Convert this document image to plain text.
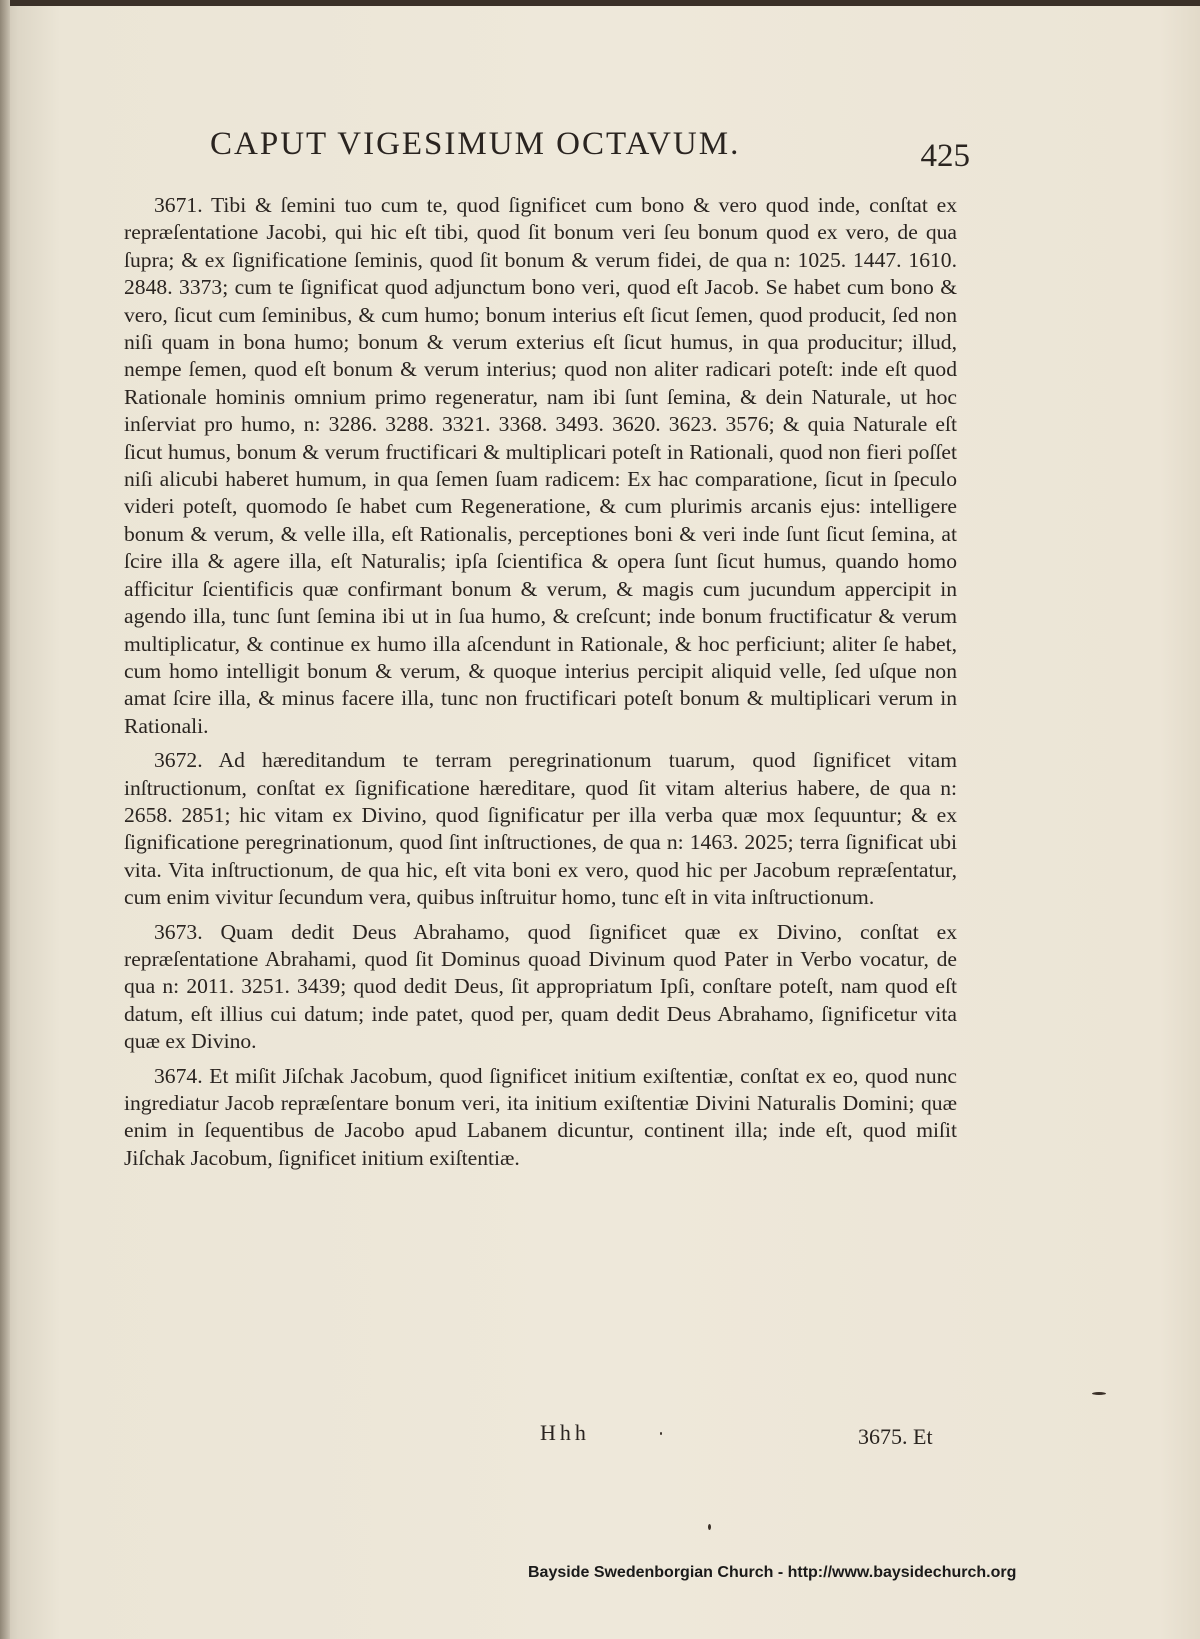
CAPUT VIGESIMUM OCTAVUM.	425

3671. Tibi & ſemini tuo cum te, quod ſignificet cum bono & vero quod inde, conſtat ex repræſentatione Jacobi, qui hic eſt tibi, quod ſit bonum veri ſeu bonum quod ex vero, de qua ſupra; & ex ſignificatione ſeminis, quod ſit bonum & verum fidei, de qua n: 1025. 1447. 1610. 2848. 3373; cum te ſignificat quod adjunctum bono veri, quod eſt Jacob. Se habet cum bono & vero, ſicut cum ſeminibus, & cum humo; bonum interius eſt ſicut ſemen, quod producit, ſed non niſi quam in bona humo; bonum & verum exterius eſt ſicut humus, in qua producitur; illud, nempe ſemen, quod eſt bonum & verum interius; quod non aliter radicari poteſt: inde eſt quod Rationale hominis omnium primo regeneratur, nam ibi ſunt ſemina, & dein Naturale, ut hoc inſerviat pro humo, n: 3286. 3288. 3321. 3368. 3493. 3620. 3623. 3576; & quia Naturale eſt ſicut humus, bonum & verum fructificari & multiplicari poteſt in Rationali, quod non fieri poſſet niſi alicubi haberet humum, in qua ſemen ſuam radicem: Ex hac comparatione, ſicut in ſpeculo videri poteſt, quomodo ſe habet cum Regeneratione, & cum plurimis arcanis ejus: intelligere bonum & verum, & velle illa, eſt Rationalis, perceptiones boni & veri inde ſunt ſicut ſemina, at ſcire illa & agere illa, eſt Naturalis; ipſa ſcientifica & opera ſunt ſicut humus, quando homo afficitur ſcientificis quæ confirmant bonum & verum, & magis cum jucundum appercipit in agendo illa, tunc ſunt ſemina ibi ut in ſua humo, & creſcunt; inde bonum fructificatur & verum multiplicatur, & continue ex humo illa aſcendunt in Rationale, & hoc perficiunt; aliter ſe habet, cum homo intelligit bonum & verum, & quoque interius percipit aliquid velle, ſed uſque non amat ſcire illa, & minus facere illa, tunc non fructificari poteſt bonum & multiplicari verum in Rationali.

3672. Ad hæreditandum te terram peregrinationum tuarum, quod ſignificet vitam inſtructionum, conſtat ex ſignificatione hæreditare, quod ſit vitam alterius habere, de qua n: 2658. 2851; hic vitam ex Divino, quod ſignificatur per illa verba quæ mox ſequuntur; & ex ſignificatione peregrinationum, quod ſint inſtructiones, de qua n: 1463. 2025; terra ſignificat ubi vita. Vita inſtructionum, de qua hic, eſt vita boni ex vero, quod hic per Jacobum repræſentatur, cum enim vivitur ſecundum vera, quibus inſtruitur homo, tunc eſt in vita inſtructionum.

3673. Quam dedit Deus Abrahamo, quod ſignificet quæ ex Divino, conſtat ex repræſentatione Abrahami, quod ſit Dominus quoad Divinum quod Pater in Verbo vocatur, de qua n: 2011. 3251. 3439; quod dedit Deus, ſit appropriatum Ipſi, conſtare poteſt, nam quod eſt datum, eſt illius cui datum; inde patet, quod per, quam dedit Deus Abrahamo, ſignificetur vita quæ ex Divino.

3674. Et miſit Jiſchak Jacobum, quod ſignificet initium exiſtentiæ, conſtat ex eo, quod nunc ingrediatur Jacob repræſentare bonum veri, ita initium exiſtentiæ Divini Naturalis Domini; quæ enim in ſequentibus de Jacobo apud Labanem dicuntur, continent illa; inde eſt, quod miſit Jiſchak Jacobum, ſignificet initium exiſtentiæ.

Hhh	3675. Et
Bayside Swedenborgian Church - http://www.baysidechurch.org
